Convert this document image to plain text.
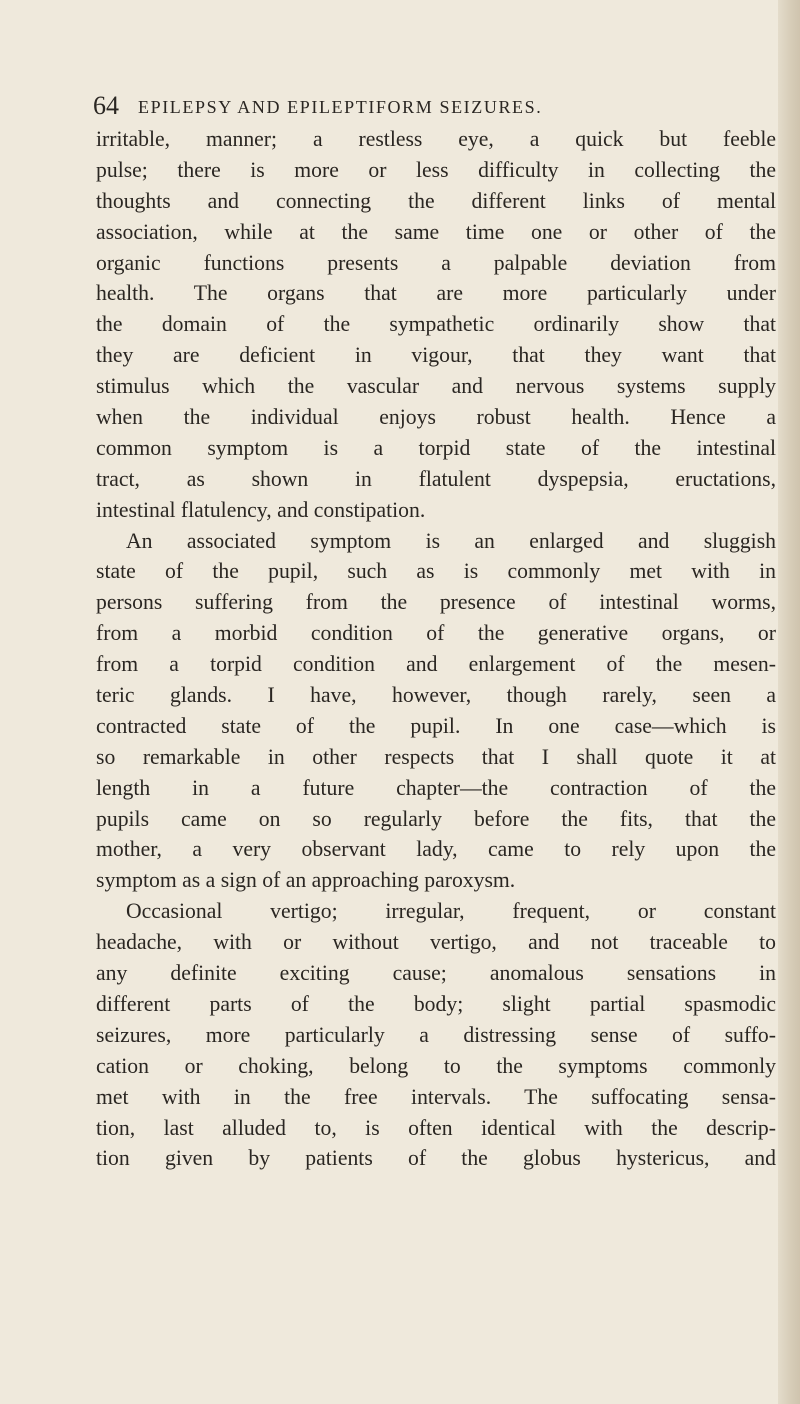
64 EPILEPSY AND EPILEPTIFORM SEIZURES.
irritable, manner; a restless eye, a quick but feeble
pulse; there is more or less difficulty in collecting the
thoughts and connecting the different links of mental
association, while at the same time one or other of the
organic functions presents a palpable deviation from
health. The organs that are more particularly under
the domain of the sympathetic ordinarily show that
they are deficient in vigour, that they want that
stimulus which the vascular and nervous systems supply
when the individual enjoys robust health. Hence a
common symptom is a torpid state of the intestinal
tract, as shown in flatulent dyspepsia, eructations,
intestinal flatulency, and constipation.
An associated symptom is an enlarged and sluggish
state of the pupil, such as is commonly met with in
persons suffering from the presence of intestinal worms,
from a morbid condition of the generative organs, or
from a torpid condition and enlargement of the mesen-
teric glands. I have, however, though rarely, seen a
contracted state of the pupil. In one case—which is
so remarkable in other respects that I shall quote it at
length in a future chapter—the contraction of the
pupils came on so regularly before the fits, that the
mother, a very observant lady, came to rely upon the
symptom as a sign of an approaching paroxysm.
Occasional vertigo; irregular, frequent, or constant
headache, with or without vertigo, and not traceable to
any definite exciting cause; anomalous sensations in
different parts of the body; slight partial spasmodic
seizures, more particularly a distressing sense of suffo-
cation or choking, belong to the symptoms commonly
met with in the free intervals. The suffocating sensa-
tion, last alluded to, is often identical with the descrip-
tion given by patients of the globus hystericus, and
